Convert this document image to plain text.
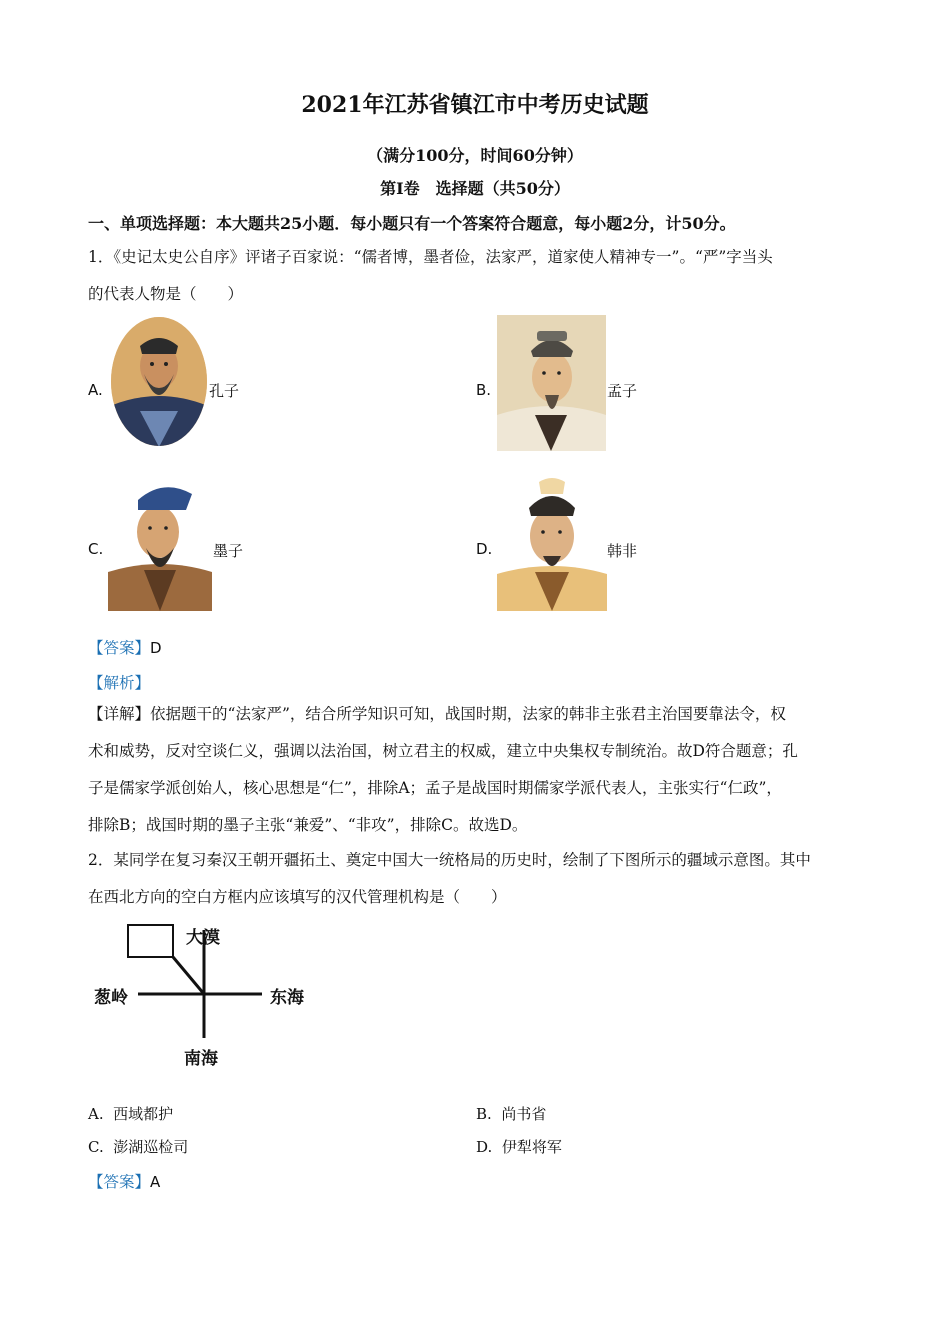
2021年江苏省镇江市中考历史试题
（满分100分，时间60分钟）
第Ⅰ卷　选择题（共50分）
一、单项选择题：本大题共25小题．每小题只有一个答案符合题意，每小题2分，计50分。
1．《史记太史公自序》评诸子百家说：“儒者博，墨者俭，法家严，道家使人精神专一”。“严”字当头
的代表人物是（　　）
A.	孔子	B.	孟子
C.	墨子	D.	韩非
【答案】D
【解析】
【详解】依据题干的“法家严”，结合所学知识可知，战国时期，法家的韩非主张君主治国要靠法令，权
术和威势，反对空谈仁义，强调以法治国，树立君主的权威，建立中央集权专制统治。故D符合题意；孔
子是儒家学派创始人，核心思想是“仁”，排除A；孟子是战国时期儒家学派代表人，主张实行“仁政”，
排除B；战国时期的墨子主张“兼爱”、“非攻”，排除C。故选D。
2．某同学在复习秦汉王朝开疆拓土、奠定中国大一统格局的历史时，绘制了下图所示的疆域示意图。其中
在西北方向的空白方框内应该填写的汉代管理机构是（　　）
大漠
葱岭	东海
南海
A. 西域都护	B. 尚书省
C. 澎湖巡检司	D. 伊犁将军
【答案】A
